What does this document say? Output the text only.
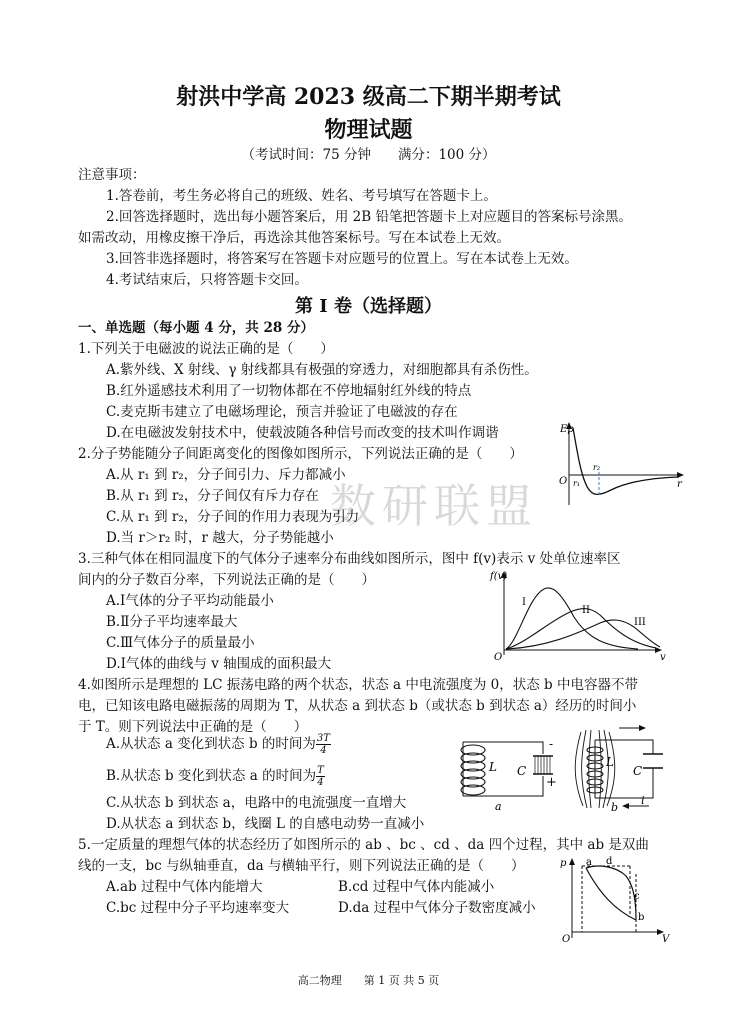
射洪中学高 2023 级高二下期半期考试
物理试题
（考试时间：75 分钟　　满分：100 分）
注意事项：
1.答卷前，考生务必将自己的班级、姓名、考号填写在答题卡上。
2.回答选择题时，选出每小题答案后，用 2B 铅笔把答题卡上对应题目的答案标号涂黑。
如需改动，用橡皮擦干净后，再选涂其他答案标号。写在本试卷上无效。
3.回答非选择题时，将答案写在答题卡对应题号的位置上。写在本试卷上无效。
4.考试结束后，只将答题卡交回。
第 I 卷（选择题）
一、单选题（每小题 4 分，共 28 分）
1.下列关于电磁波的说法正确的是（　　）
A.紫外线、X 射线、γ 射线都具有极强的穿透力，对细胞都具有杀伤性。
B.红外遥感技术利用了一切物体都在不停地辐射红外线的特点
C.麦克斯韦建立了电磁场理论，预言并验证了电磁波的存在
D.在电磁波发射技术中，使载波随各种信号而改变的技术叫作调谐
数研联盟
2.分子势能随分子间距离变化的图像如图所示，下列说法正确的是（　　）
A.从 r₁ 到 r₂，分子间引力、斥力都减小
B.从 r₁ 到 r₂，分子间仅有斥力存在
C.从 r₁ 到 r₂，分子间的作用力表现为引力
D.当 r＞r₂ 时，r 越大，分子势能越小
Ep
O	r
r₁
r₂
3.三种气体在相同温度下的气体分子速率分布曲线如图所示，图中 f(v)表示 v 处单位速率区
间内的分子数百分率，下列说法正确的是（　　）
A.Ⅰ气体的分子平均动能最小
B.Ⅱ分子平均速率最大
C.Ⅲ气体分子的质量最小
D.Ⅰ气体的曲线与 v 轴围成的面积最大
f(v)
O	v
I
II
III
4.如图所示是理想的 LC 振荡电路的两个状态，状态 a 中电流强度为 0，状态 b 中电容器不带
电，已知该电路电磁振荡的周期为 T，从状态 a 到状态 b（或状态 b 到状态 a）经历的时间小
于 T。则下列说法中正确的是（　　）
A.从状态 a 变化到状态 b 的时间为 $\frac{3T}{4}$
B.从状态 b 变化到状态 a 的时间为 $\frac{T}{4}$
C.从状态 b 到状态 a，电路中的电流强度一直增大
D.从状态 a 到状态 b，线圈 L 的自感电动势一直减小
L C
-
+
a
L
C
i
b
5.一定质量的理想气体的状态经历了如图所示的 ab 、bc 、cd 、da 四个过程，其中 ab 是双曲
线的一支，bc 与纵轴垂直，da 与横轴平行，则下列说法正确的是（　　）
A.ab 过程中气体内能增大	B.cd 过程中气体内能减小
C.bc 过程中分子平均速率变大	D.da 过程中气体分子数密度减小
p
O	V
a d
c
b
高二物理　　第 1 页 共 5 页
